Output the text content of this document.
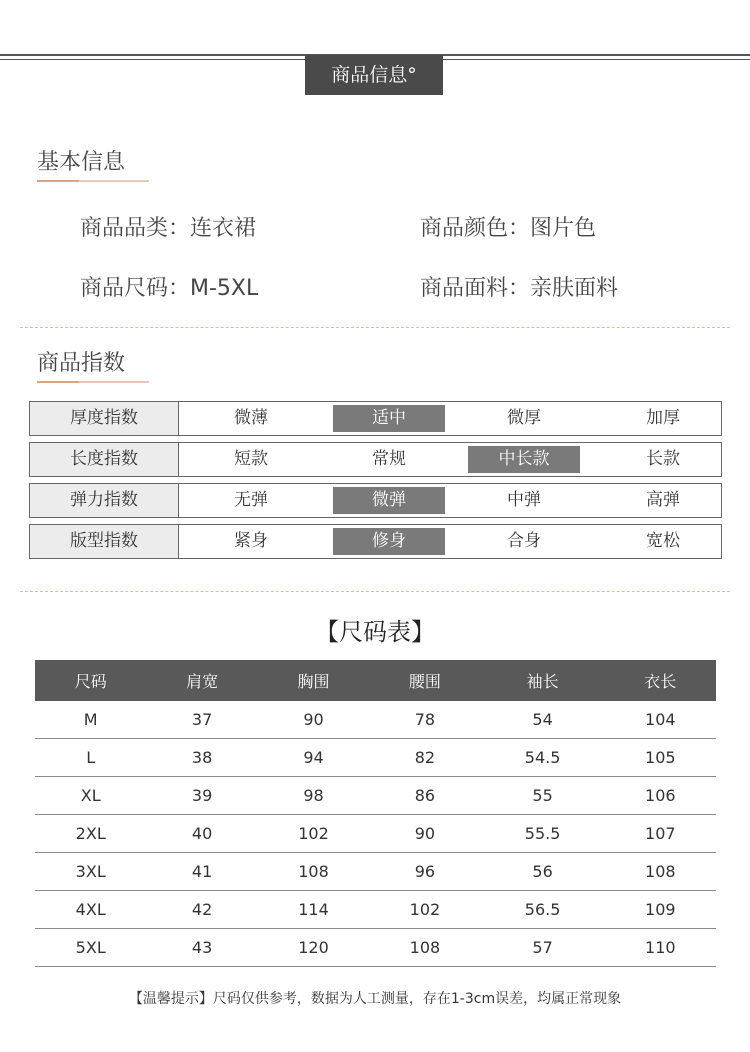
商品信息°
基本信息
商品品类：连衣裙	商品颜色：图片色
商品尺码：M-5XL	商品面料：亲肤面料
商品指数
厚度指数	微薄	适中	微厚	加厚
长度指数	短款	常规	中长款	长款
弹力指数	无弹	微弹	中弹	高弹
版型指数	紧身	修身	合身	宽松
【尺码表】
尺码	肩宽	胸围	腰围	袖长	衣长
M	37	90	78	54	104
L	38	94	82	54.5	105
XL	39	98	86	55	106
2XL	40	102	90	55.5	107
3XL	41	108	96	56	108
4XL	42	114	102	56.5	109
5XL	43	120	108	57	110
【温馨提示】尺码仅供参考，数据为人工测量，存在1-3cm误差，均属正常现象
